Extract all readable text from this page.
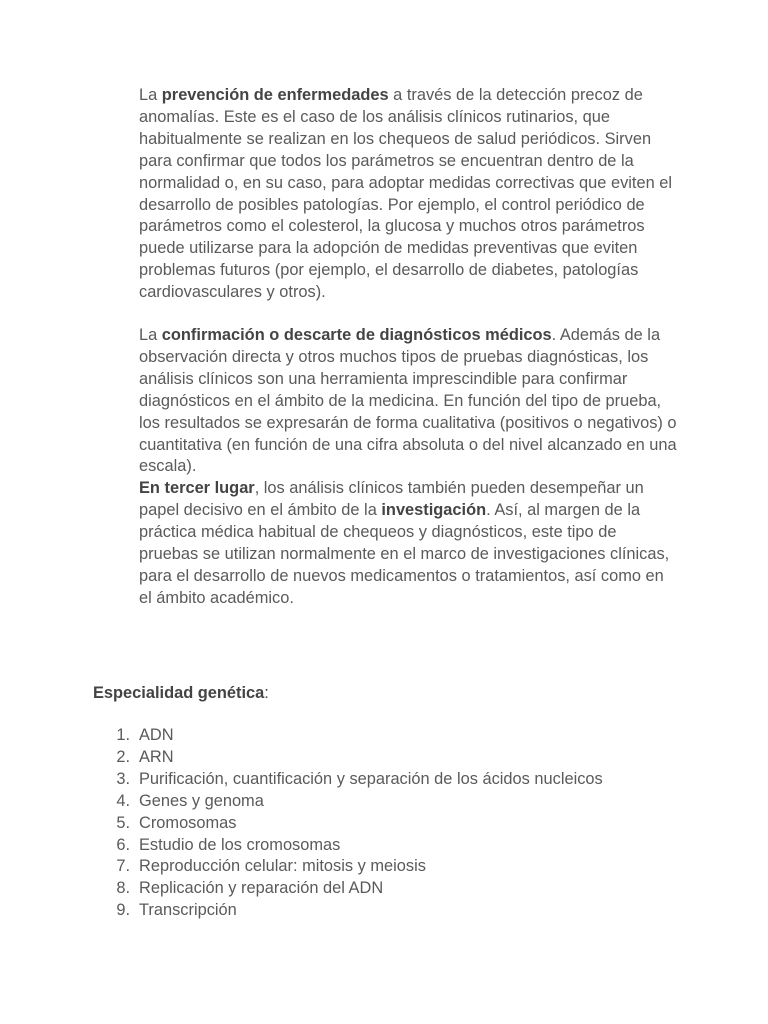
La prevención de enfermedades a través de la detección precoz de anomalías. Este es el caso de los análisis clínicos rutinarios, que habitualmente se realizan en los chequeos de salud periódicos. Sirven para confirmar que todos los parámetros se encuentran dentro de la normalidad o, en su caso, para adoptar medidas correctivas que eviten el desarrollo de posibles patologías. Por ejemplo, el control periódico de parámetros como el colesterol, la glucosa y muchos otros parámetros puede utilizarse para la adopción de medidas preventivas que eviten problemas futuros (por ejemplo, el desarrollo de diabetes, patologías cardiovasculares y otros).

La confirmación o descarte de diagnósticos médicos. Además de la observación directa y otros muchos tipos de pruebas diagnósticas, los análisis clínicos son una herramienta imprescindible para confirmar diagnósticos en el ámbito de la medicina. En función del tipo de prueba, los resultados se expresarán de forma cualitativa (positivos o negativos) o cuantitativa (en función de una cifra absoluta o del nivel alcanzado en una escala).

En tercer lugar, los análisis clínicos también pueden desempeñar un papel decisivo en el ámbito de la investigación. Así, al margen de la práctica médica habitual de chequeos y diagnósticos, este tipo de pruebas se utilizan normalmente en el marco de investigaciones clínicas, para el desarrollo de nuevos medicamentos o tratamientos, así como en el ámbito académico.

Especialidad genética:

1. ADN
2. ARN
3. Purificación, cuantificación y separación de los ácidos nucleicos
4. Genes y genoma
5. Cromosomas
6. Estudio de los cromosomas
7. Reproducción celular: mitosis y meiosis
8. Replicación y reparación del ADN
9. Transcripción
